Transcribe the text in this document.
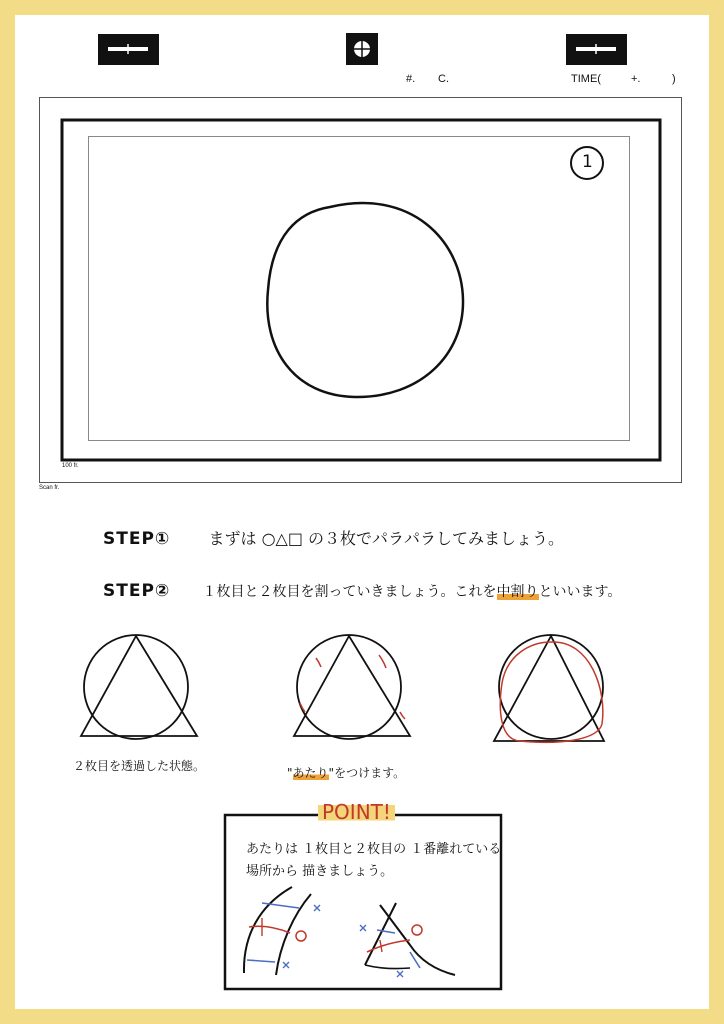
#. C.	TIME(	+.	)
100 fr.
Scan fr.
1
STEP① まずは ○△□ の３枚でパラパラしてみましょう。
STEP② １枚目と２枚目を割っていきましょう。これを中割りといいます。
２枚目を透過した状態。	"あたり"をつけます。
POINT!
あたりは １枚目と２枚目の １番離れている
場所から 描きましょう。
